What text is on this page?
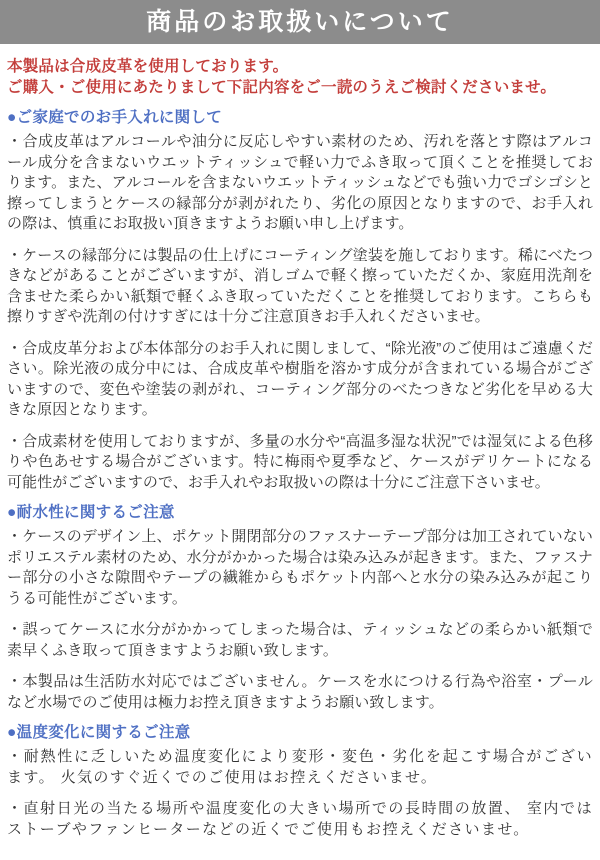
商品のお取扱いについて

本製品は合成皮革を使用しております。

ご購入・ご使用にあたりまして下記内容をご一読のうえご検討くださいませ。

●ご家庭でのお手入れに関して

・合成皮革はアルコールや油分に反応しやすい素材のため、汚れを落とす際はアルコール成分を含まないウエットティッシュで軽い力でふき取って頂くことを推奨しております。また、アルコールを含まないウエットティッシュなどでも強い力でゴシゴシと擦ってしまうとケースの縁部分が剥がれたり、劣化の原因となりますので、お手入れの際は、慎重にお取扱い頂きますようお願い申し上げます。

・ケースの縁部分には製品の仕上げにコーティング塗装を施しております。稀にべたつきなどがあることがございますが、消しゴムで軽く擦っていただくか、家庭用洗剤を含ませた柔らかい紙類で軽くふき取っていただくことを推奨しております。こちらも擦りすぎや洗剤の付けすぎには十分ご注意頂きお手入れくださいませ。

・合成皮革分および本体部分のお手入れに関しまして、“除光液”のご使用はご遠慮ください。除光液の成分中には、合成皮革や樹脂を溶かす成分が含まれている場合がございますので、変色や塗装の剥がれ、コーティング部分のべたつきなど劣化を早める大きな原因となります。

・合成素材を使用しておりますが、多量の水分や“高温多湿な状況”では湿気による色移りや色あせする場合がございます。特に梅雨や夏季など、ケースがデリケートになる可能性がございますので、お手入れやお取扱いの際は十分にご注意下さいませ。

●耐水性に関するご注意

・ケースのデザイン上、ポケット開閉部分のファスナーテープ部分は加工されていないポリエステル素材のため、水分がかかった場合は染み込みが起きます。また、ファスナー部分の小さな隙間やテープの繊維からもポケット内部へと水分の染み込みが起こりうる可能性がございます。

・誤ってケースに水分がかかってしまった場合は、ティッシュなどの柔らかい紙類で素早くふき取って頂きますようお願い致します。

・本製品は生活防水対応ではございません。ケースを水につける行為や浴室・プールなど水場でのご使用は極力お控え頂きますようお願い致します。

●温度変化に関するご注意

・耐熱性に乏しいため温度変化により変形・変色・劣化を起こす場合がございます。 火気のすぐ近くでのご使用はお控えくださいませ。

・直射日光の当たる場所や温度変化の大きい場所での長時間の放置、 室内ではストーブやファンヒーターなどの近くでご使用もお控えくださいませ。
